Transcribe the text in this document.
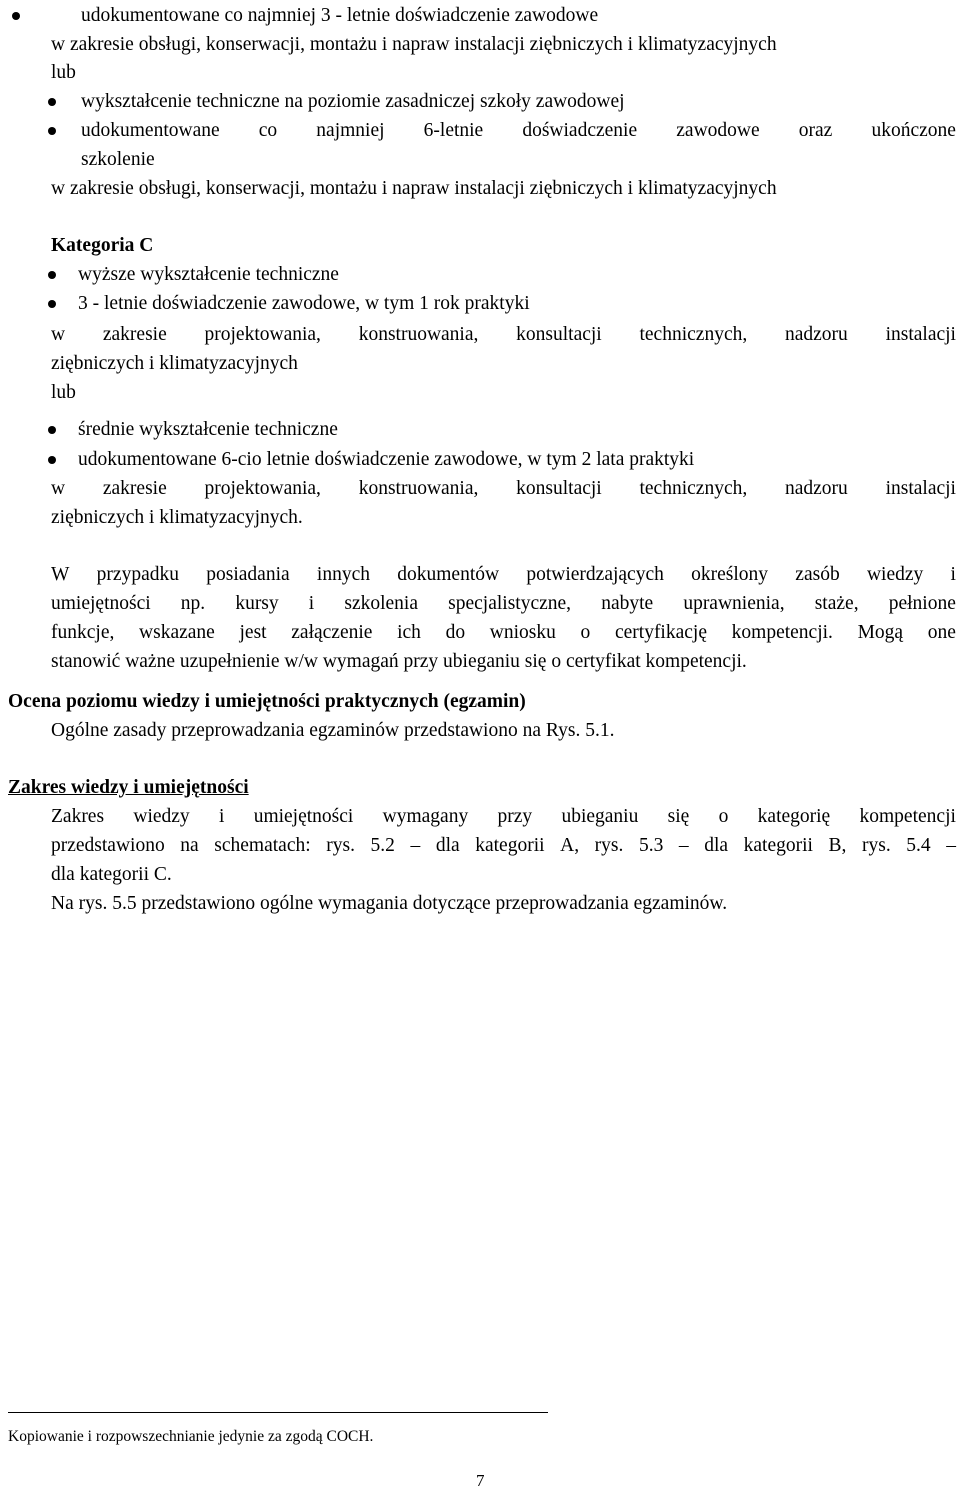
udokumentowane co najmniej 3 - letnie doświadczenie zawodowe
w zakresie obsługi, konserwacji, montażu i napraw instalacji ziębniczych i klimatyzacyjnych
lub
wykształcenie techniczne na poziomie zasadniczej szkoły zawodowej
udokumentowane co najmniej 6-letnie doświadczenie zawodowe oraz ukończone
szkolenie
w zakresie obsługi, konserwacji, montażu i napraw instalacji ziębniczych i klimatyzacyjnych
Kategoria C
wyższe wykształcenie techniczne
3 - letnie doświadczenie zawodowe, w tym 1 rok praktyki
w zakresie projektowania, konstruowania, konsultacji technicznych, nadzoru instalacji
ziębniczych i klimatyzacyjnych
lub
średnie wykształcenie techniczne
udokumentowane 6-cio letnie doświadczenie zawodowe, w tym 2 lata praktyki
w zakresie projektowania, konstruowania, konsultacji technicznych, nadzoru instalacji
ziębniczych i klimatyzacyjnych.
W przypadku posiadania innych dokumentów potwierdzających określony zasób wiedzy i
umiejętności np. kursy i szkolenia specjalistyczne, nabyte uprawnienia, staże, pełnione
funkcje, wskazane jest załączenie ich do wniosku o certyfikację kompetencji. Mogą one
stanowić ważne uzupełnienie w/w wymagań przy ubieganiu się o certyfikat kompetencji.
Ocena poziomu wiedzy i umiejętności praktycznych (egzamin)
Ogólne zasady przeprowadzania egzaminów przedstawiono na Rys. 5.1.
Zakres wiedzy i umiejętności
Zakres wiedzy i umiejętności wymagany przy ubieganiu się o kategorię kompetencji
przedstawiono na schematach: rys. 5.2 – dla kategorii A, rys. 5.3 – dla kategorii B, rys. 5.4 –
dla kategorii C.
Na rys. 5.5 przedstawiono ogólne wymagania dotyczące przeprowadzania egzaminów.
Kopiowanie i rozpowszechnianie jedynie za zgodą COCH.
7
